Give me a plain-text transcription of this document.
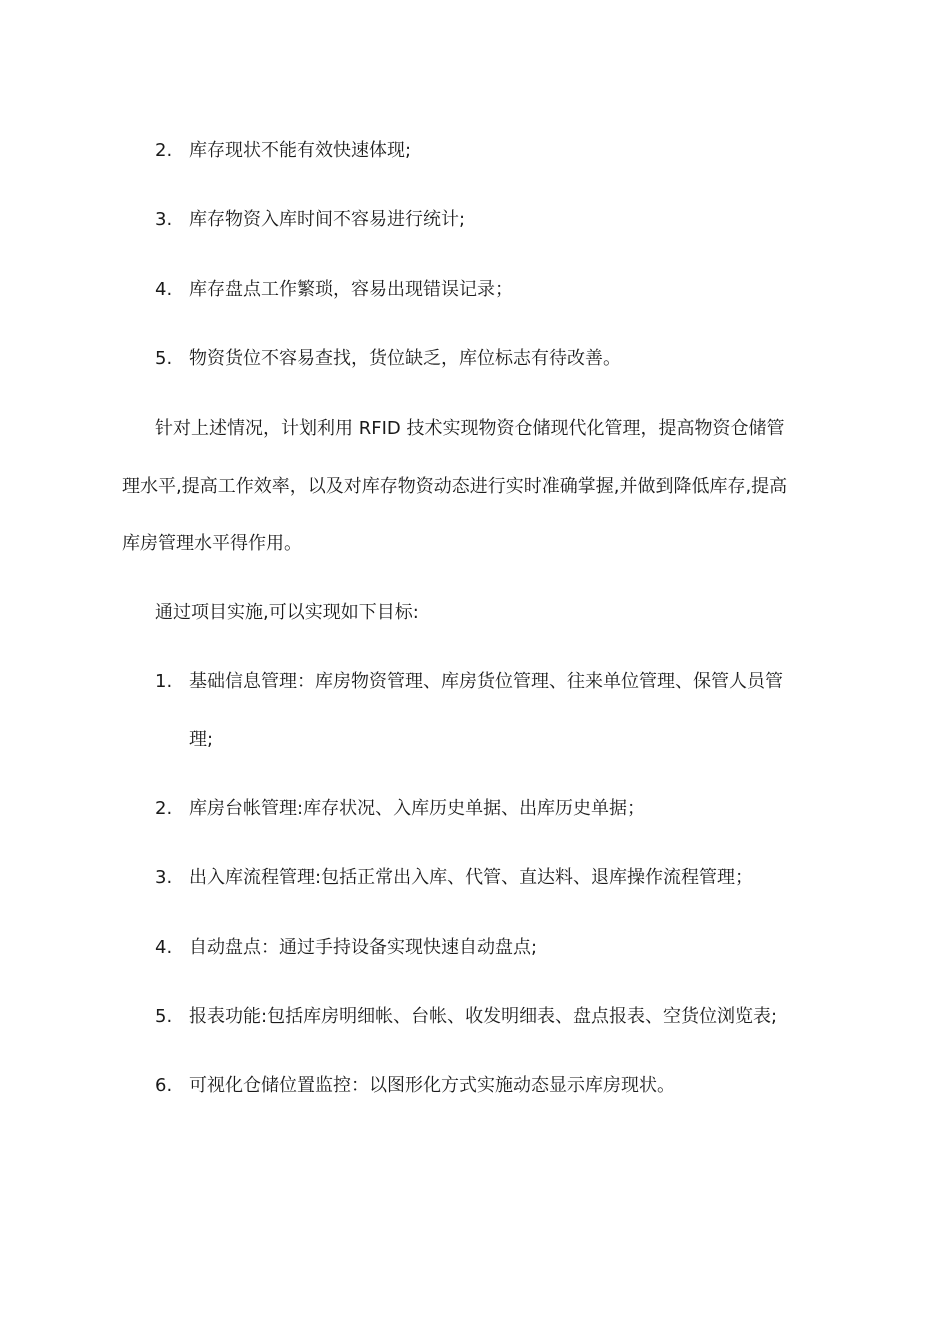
2. 库存现状不能有效快速体现;
3. 库存物资入库时间不容易进行统计;
4. 库存盘点工作繁琐，容易出现错误记录；
5. 物资货位不容易查找，货位缺乏，库位标志有待改善。
针对上述情况，计划利用 RFID 技术实现物资仓储现代化管理，提高物资仓储管
理水平,提高工作效率，以及对库存物资动态进行实时准确掌握,并做到降低库存,提高
库房管理水平得作用。
通过项目实施,可以实现如下目标:
1. 基础信息管理：库房物资管理、库房货位管理、往来单位管理、保管人员管
理;
2. 库房台帐管理:库存状况、入库历史单据、出库历史单据；
3. 出入库流程管理:包括正常出入库、代管、直达料、退库操作流程管理；
4. 自动盘点：通过手持设备实现快速自动盘点;
5. 报表功能:包括库房明细帐、台帐、收发明细表、盘点报表、空货位浏览表;
6. 可视化仓储位置监控：以图形化方式实施动态显示库房现状。
